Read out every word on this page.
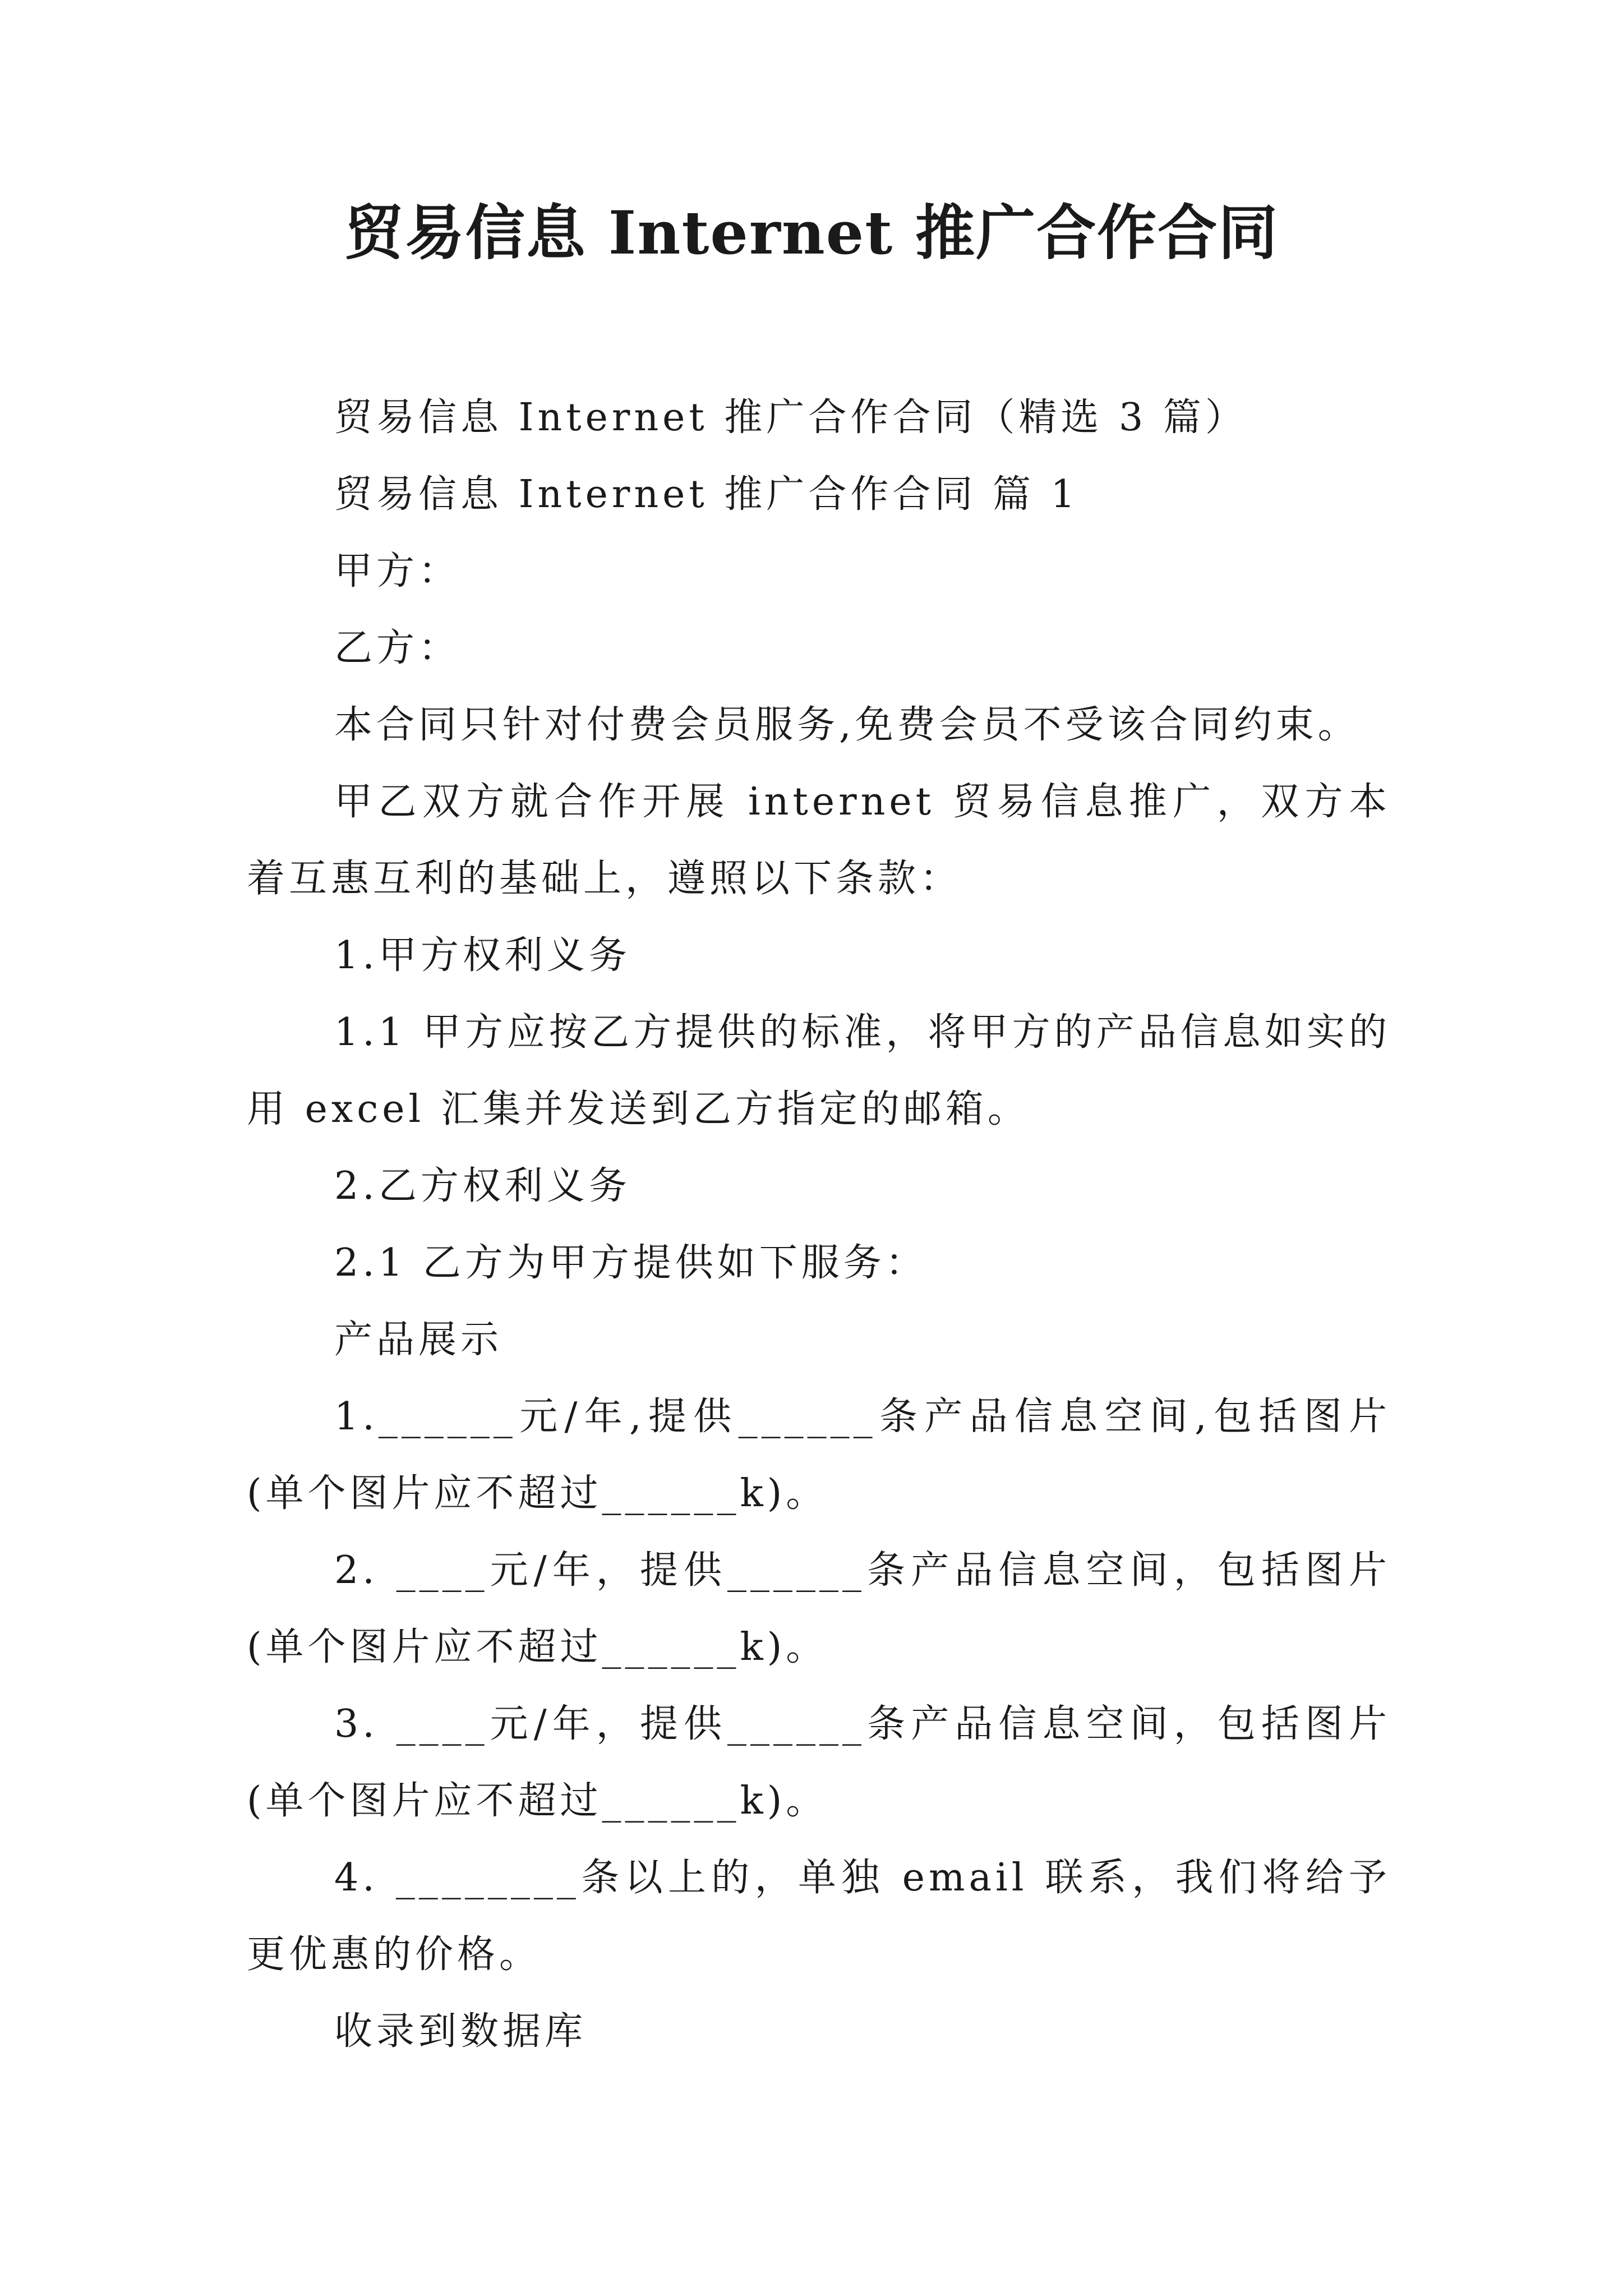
贸易信息 Internet 推广合作合同

贸易信息 Internet 推广合作合同（精选 3 篇）

贸易信息 Internet 推广合作合同 篇 1

甲方：

乙方：

本合同只针对付费会员服务,免费会员不受该合同约束。

甲乙双方就合作开展 internet 贸易信息推广，双方本着互惠互利的基础上，遵照以下条款：

1.甲方权利义务

1.1 甲方应按乙方提供的标准，将甲方的产品信息如实的用 excel 汇集并发送到乙方指定的邮箱。

2.乙方权利义务

2.1 乙方为甲方提供如下服务：

产品展示

1.______元/年,提供______条产品信息空间,包括图片(单个图片应不超过______k)。

2. ____元/年，提供______条产品信息空间，包括图片(单个图片应不超过______k)。

3. ____元/年，提供______条产品信息空间，包括图片(单个图片应不超过______k)。

4. ________条以上的，单独 email 联系，我们将给予更优惠的价格。

收录到数据库
